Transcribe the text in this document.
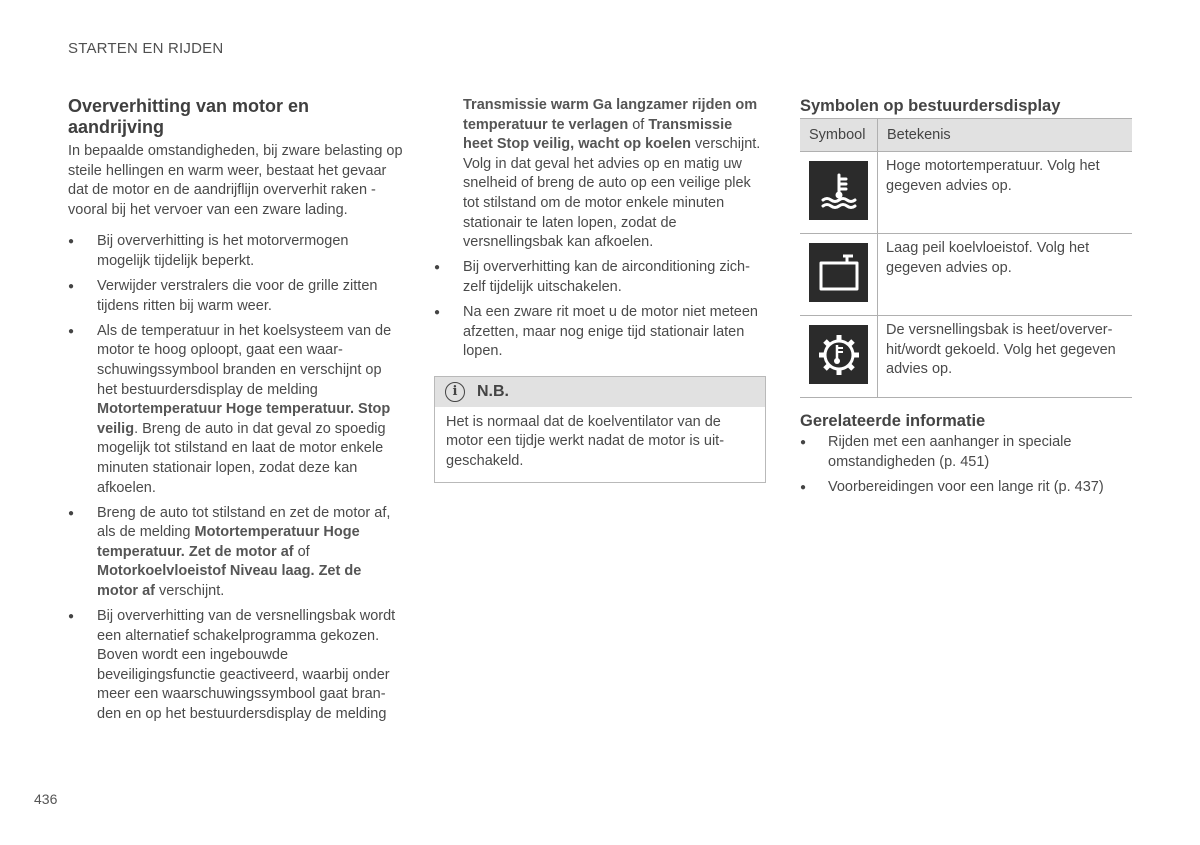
STARTEN EN RIJDEN
Oververhitting van motor en aandrijving

In bepaalde omstandigheden, bij zware belasting op steile hellingen en warm weer, bestaat het gevaar dat de motor en de aandrijflijn oververhit raken - vooral bij het vervoer van een zware lading.

● Bij oververhitting is het motorvermogen mogelijk tijdelijk beperkt.
● Verwijder verstralers die voor de grille zitten tijdens ritten bij warm weer.
● Als de temperatuur in het koelsysteem van de motor te hoog oploopt, gaat een waarschuwingssymbool branden en verschijnt op het bestuurdersdisplay de melding Motortemperatuur Hoge temperatuur. Stop veilig. Breng de auto in dat geval zo spoedig mogelijk tot stilstand en laat de motor enkele minuten stationair lopen, zodat deze kan afkoelen.
● Breng de auto tot stilstand en zet de motor af, als de melding Motortemperatuur Hoge temperatuur. Zet de motor af of Motorkoelvloeistof Niveau laag. Zet de motor af verschijnt.
● Bij oververhitting van de versnellingsbak wordt een alternatief schakelprogramma gekozen. Boven wordt een ingebouwde beveiligingsfunctie geactiveerd, waarbij onder meer een waarschuwingssymbool gaat branden en op het bestuurdersdisplay de melding

Transmissie warm Ga langzamer rijden om temperatuur te verlagen of Transmissie heet Stop veilig, wacht op koelen verschijnt. Volg in dat geval het advies op en matig uw snelheid of breng de auto op een veilige plek tot stilstand om de motor enkele minuten stationair te laten lopen, zodat de versnellingsbak kan afkoelen.

● Bij oververhitting kan de airconditioning zichzelf tijdelijk uitschakelen.
● Na een zware rit moet u de motor niet meteen afzetten, maar nog enige tijd stationair laten lopen.
i	N.B.
Het is normaal dat de koelventilator van de motor een tijdje werkt nadat de motor is uitgeschakeld.
Symbolen op bestuurdersdisplay
Symbool	Betekenis

	Hoge motortemperatuur. Volg het gegeven advies op.

	Laag peil koelvloeistof. Volg het gegeven advies op.

	De versnellingsbak is heet/oververhit/wordt gekoeld. Volg het gegeven advies op.
Gerelateerde informatie
● Rijden met een aanhanger in speciale omstandigheden (p. 451)
● Voorbereidingen voor een lange rit (p. 437)
436
